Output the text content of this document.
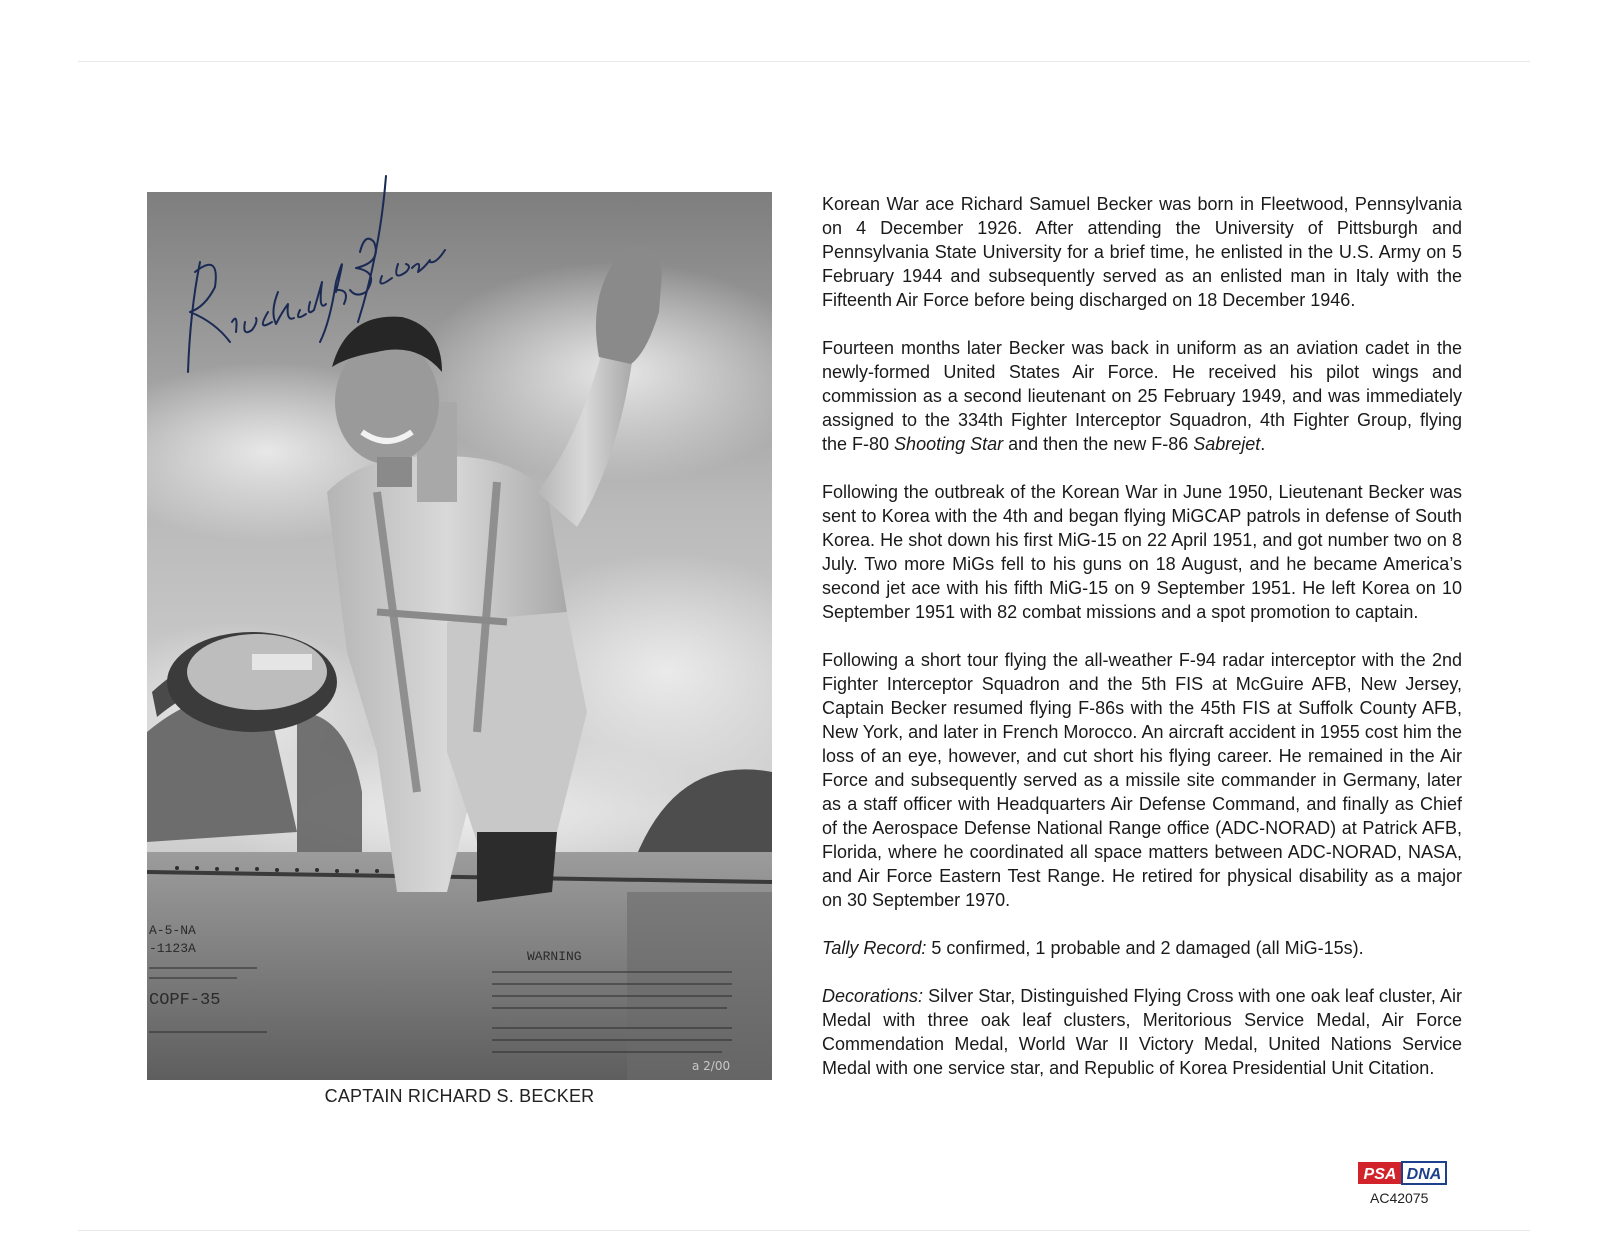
A-5-NA
-1123A
COPF-35
WARNING
a 2/00
CAPTAIN RICHARD S. BECKER

Korean War ace Richard Samuel Becker was born in Fleetwood, Pennsylvania on 4 December 1926. After attending the University of Pittsburgh and Pennsylvania State University for a brief time, he enlisted in the U.S. Army on 5 February 1944 and subsequently served as an enlisted man in Italy with the Fifteenth Air Force before being discharged on 18 December 1946.

Fourteen months later Becker was back in uniform as an aviation cadet in the newly-formed United States Air Force. He received his pilot wings and commission as a second lieutenant on 25 February 1949, and was immediately assigned to the 334th Fighter Interceptor Squadron, 4th Fighter Group, flying the F-80 Shooting Star and then the new F-86 Sabrejet.

Following the outbreak of the Korean War in June 1950, Lieutenant Becker was sent to Korea with the 4th and began flying MiGCAP patrols in defense of South Korea. He shot down his first MiG-15 on 22 April 1951, and got number two on 8 July. Two more MiGs fell to his guns on 18 August, and he became America’s second jet ace with his fifth MiG-15 on 9 September 1951. He left Korea on 10 September 1951 with 82 combat missions and a spot promotion to captain.

Following a short tour flying the all-weather F-94 radar interceptor with the 2nd Fighter Interceptor Squadron and the 5th FIS at McGuire AFB, New Jersey, Captain Becker resumed flying F-86s with the 45th FIS at Suffolk County AFB, New York, and later in French Morocco. An aircraft accident in 1955 cost him the loss of an eye, however, and cut short his flying career. He remained in the Air Force and subsequently served as a missile site commander in Germany, later as a staff officer with Headquarters Air Defense Command, and finally as Chief of the Aerospace Defense National Range office (ADC-NORAD) at Patrick AFB, Florida, where he coordinated all space matters between ADC-NORAD, NASA, and Air Force Eastern Test Range. He retired for physical disability as a major on 30 September 1970.

Tally Record: 5 confirmed, 1 probable and 2 damaged (all MiG-15s).

Decorations: Silver Star, Distinguished Flying Cross with one oak leaf cluster, Air Medal with three oak leaf clusters, Meritorious Service Medal, Air Force Commendation Medal, World War II Victory Medal, United Nations Service Medal with one service star, and Republic of Korea Presidential Unit Citation.

PSA DNA
AC42075
